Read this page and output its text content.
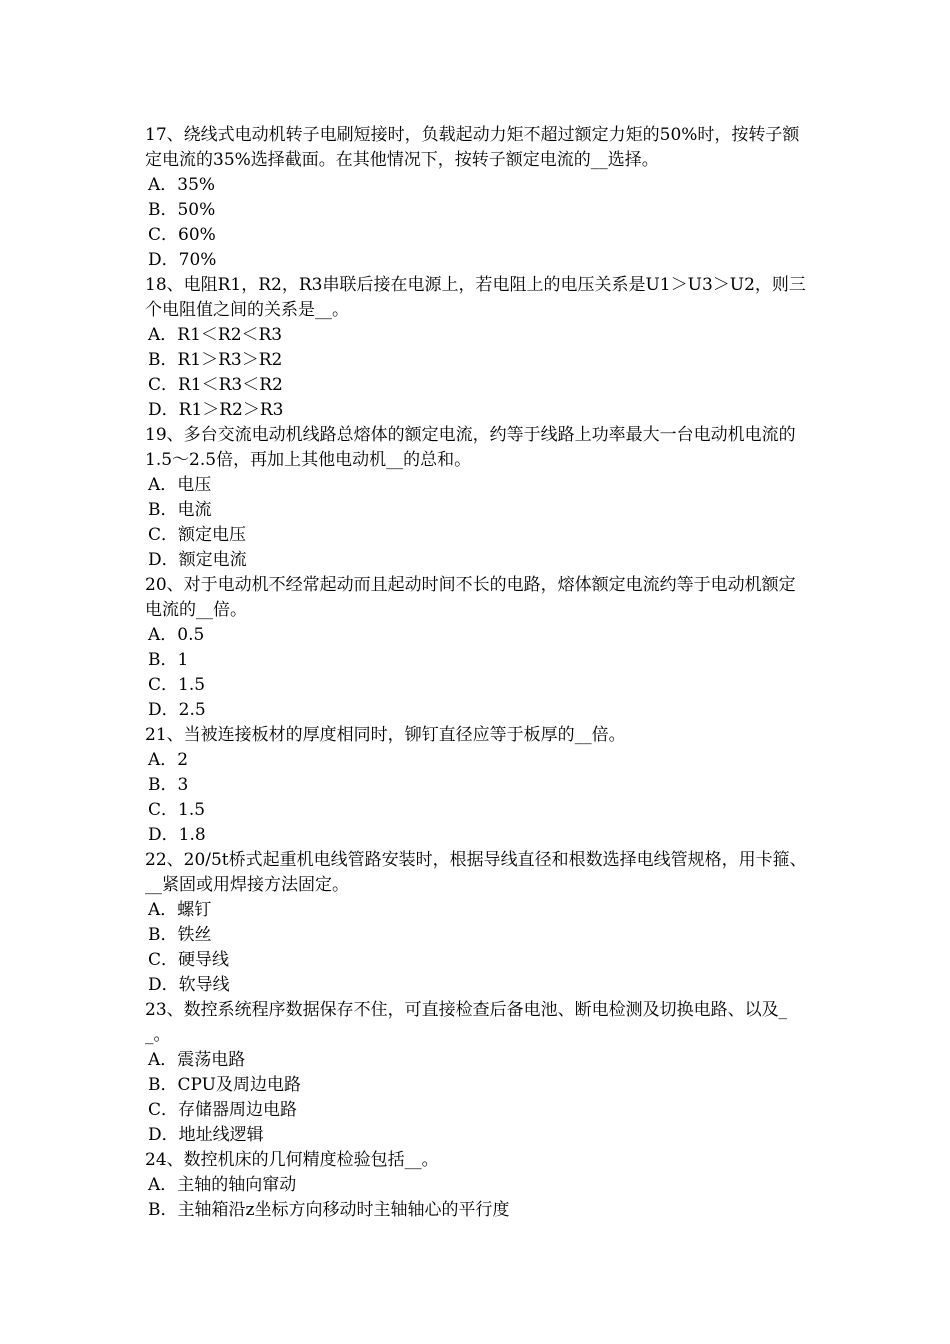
17、绕线式电动机转子电刷短接时，负载起动力矩不超过额定力矩的50%时，按转子额定电流的35%选择截面。在其他情况下，按转子额定电流的__选择。

A．35%
B．50%
C．60%
D．70%

18、电阻R1，R2，R3串联后接在电源上，若电阻上的电压关系是U1＞U3＞U2，则三个电阻值之间的关系是__。

A．R1＜R2＜R3
B．R1＞R3＞R2
C．R1＜R3＜R2
D．R1＞R2＞R3

19、多台交流电动机线路总熔体的额定电流，约等于线路上功率最大一台电动机电流的1.5～2.5倍，再加上其他电动机__的总和。

A．电压
B．电流
C．额定电压
D．额定电流

20、对于电动机不经常起动而且起动时间不长的电路，熔体额定电流约等于电动机额定电流的__倍。

A．0.5
B．1
C．1.5
D．2.5

21、当被连接板材的厚度相同时，铆钉直径应等于板厚的__倍。

A．2
B．3
C．1.5
D．1.8

22、20/5t桥式起重机电线管路安装时，根据导线直径和根数选择电线管规格，用卡箍、__紧固或用焊接方法固定。

A．螺钉
B．铁丝
C．硬导线
D．软导线

23、数控系统程序数据保存不住，可直接检查后备电池、断电检测及切换电路、以及__。

A．震荡电路
B．CPU及周边电路
C．存储器周边电路
D．地址线逻辑

24、数控机床的几何精度检验包括__。

A．主轴的轴向窜动
B．主轴箱沿z坐标方向移动时主轴轴心的平行度
